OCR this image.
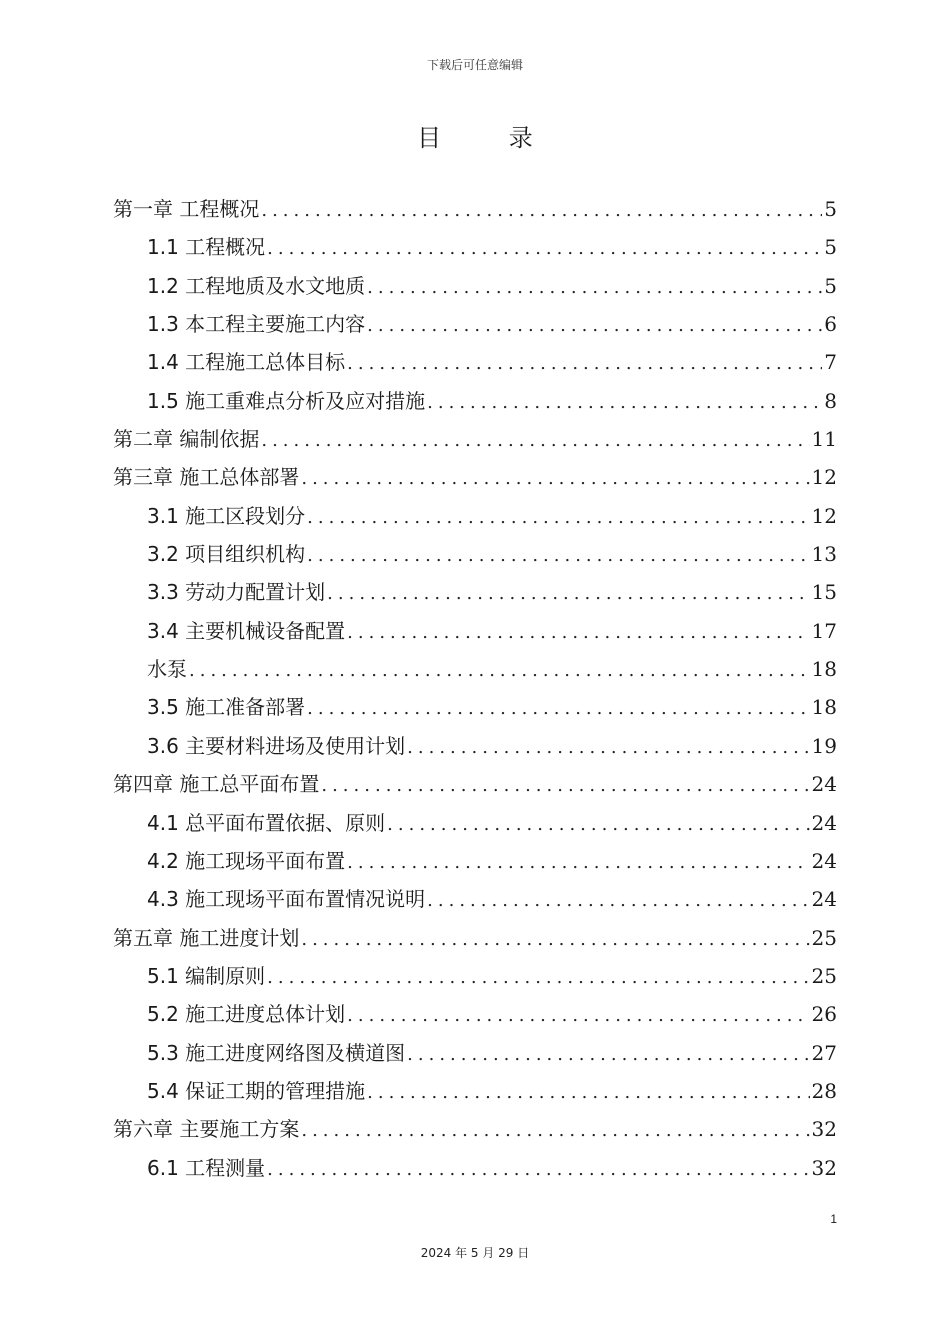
下载后可任意编辑
目 录
第一章 工程概况 .....	5
1.1 工程概况 .....	5
1.2 工程地质及水文地质 .....	5
1.3 本工程主要施工内容 .....	6
1.4 工程施工总体目标 .....	7
1.5 施工重难点分析及应对措施 .....	8
第二章 编制依据 .....	11
第三章 施工总体部署 .....	12
3.1 施工区段划分 .....	12
3.2 项目组织机构 .....	13
3.3 劳动力配置计划 .....	15
3.4 主要机械设备配置 .....	17
水泵 .....	18
3.5 施工准备部署 .....	18
3.6 主要材料进场及使用计划 .....	19
第四章 施工总平面布置 .....	24
4.1 总平面布置依据、原则 .....	24
4.2 施工现场平面布置 .....	24
4.3 施工现场平面布置情况说明 .....	24
第五章 施工进度计划 .....	25
5.1 编制原则 .....	25
5.2 施工进度总体计划 .....	26
5.3 施工进度网络图及横道图 .....	27
5.4 保证工期的管理措施 .....	28
第六章 主要施工方案 .....	32
6.1 工程测量 .....	32
1
2024 年 5 月 29 日
